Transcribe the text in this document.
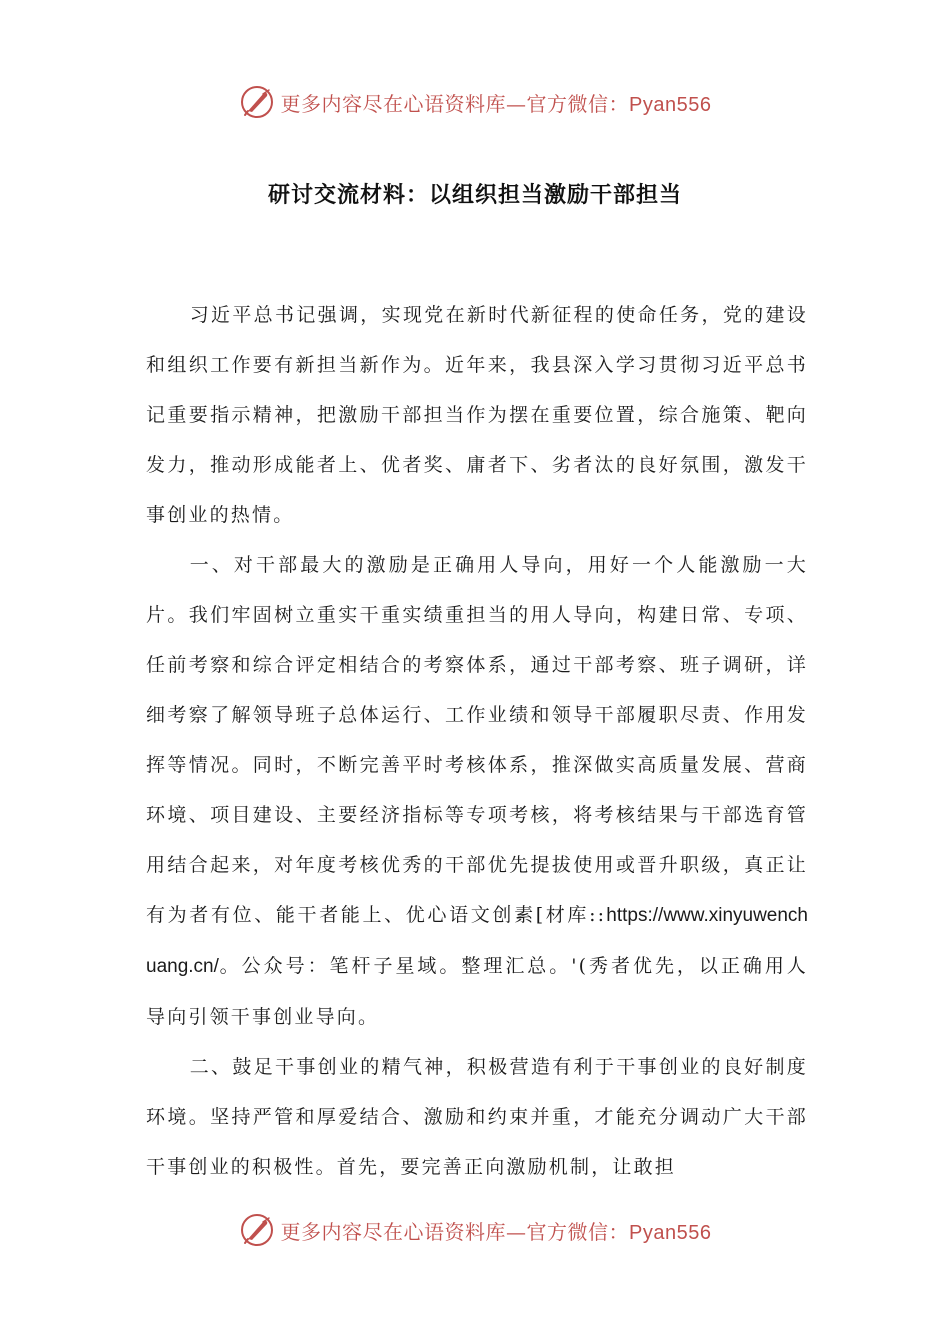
更多内容尽在心语资料库—官方微信：Pyan556
研讨交流材料：以组织担当激励干部担当

习近平总书记强调，实现党在新时代新征程的使命任务，党的建设和组织工作要有新担当新作为。近年来，我县深入学习贯彻习近平总书记重要指示精神，把激励干部担当作为摆在重要位置，综合施策、靶向发力，推动形成能者上、优者奖、庸者下、劣者汰的良好氛围，激发干事创业的热情。

一、对干部最大的激励是正确用人导向，用好一个人能激励一大片。我们牢固树立重实干重实绩重担当的用人导向，构建日常、专项、任前考察和综合评定相结合的考察体系，通过干部考察、班子调研，详细考察了解领导班子总体运行、工作业绩和领导干部履职尽责、作用发挥等情况。同时，不断完善平时考核体系，推深做实高质量发展、营商环境、项目建设、主要经济指标等专项考核，将考核结果与干部选育管用结合起来，对年度考核优秀的干部优先提拔使用或晋升职级，真正让有为者有位、能干者能上、优心语文创素[材库::https://www.xinyuwenchuang.cn/。公众号：笔杆子星域。整理汇总。'(秀者优先，以正确用人导向引领干事创业导向。

二、鼓足干事创业的精气神，积极营造有利于干事创业的良好制度环境。坚持严管和厚爱结合、激励和约束并重，才能充分调动广大干部干事创业的积极性。首先，要完善正向激励机制，让敢担

更多内容尽在心语资料库—官方微信：Pyan556
